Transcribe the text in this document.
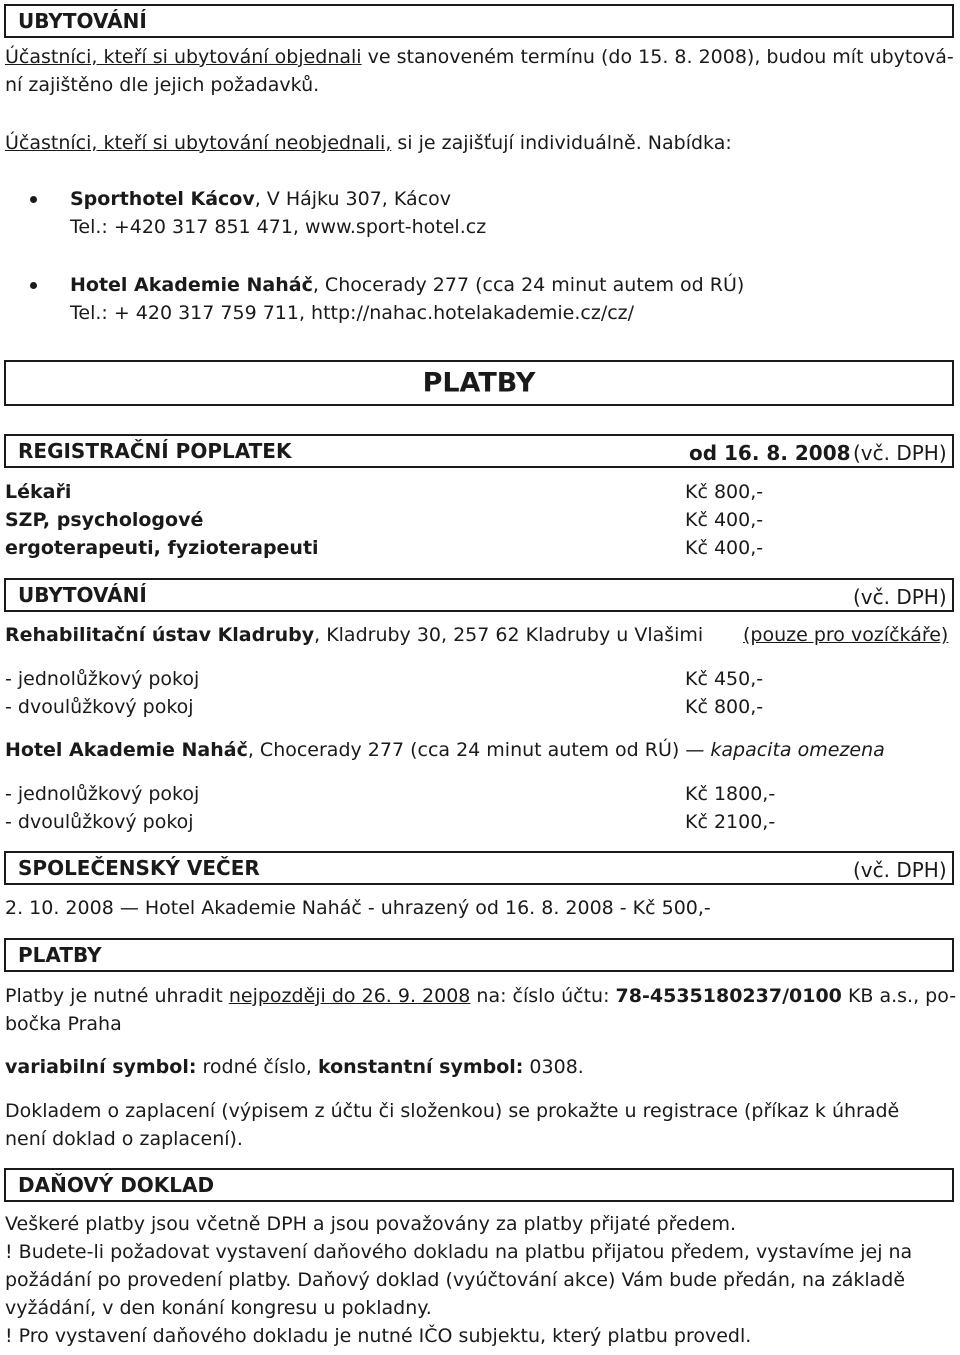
UBYTOVÁNÍ
Účastníci, kteří si ubytování objednali ve stanoveném termínu (do 15. 8. 2008), budou mít ubytová-
ní zajištěno dle jejich požadavků.
Účastníci, kteří si ubytování neobjednali, si je zajišťují individuálně. Nabídka:
Sporthotel Kácov, V Hájku 307, Kácov
Tel.: +420 317 851 471, www.sport-hotel.cz
Hotel Akademie Naháč, Chocerady 277 (cca 24 minut autem od RÚ)
Tel.: + 420 317 759 711, http://nahac.hotelakademie.cz/cz/
PLATBY
REGISTRAČNÍ POPLATEK	od 16. 8. 2008 (vč. DPH)
Lékaři	Kč 800,-
SZP, psychologové	Kč 400,-
ergoterapeuti, fyzioterapeuti	Kč 400,-
UBYTOVÁNÍ	(vč. DPH)
Rehabilitační ústav Kladruby, Kladruby 30, 257 62 Kladruby u Vlašimi (pouze pro vozíčkáře)
- jednolůžkový pokoj	Kč 450,-
- dvoulůžkový pokoj	Kč 800,-
Hotel Akademie Naháč, Chocerady 277 (cca 24 minut autem od RÚ) — kapacita omezena
- jednolůžkový pokoj	Kč 1800,-
- dvoulůžkový pokoj	Kč 2100,-
SPOLEČENSKÝ VEČER	(vč. DPH)
2. 10. 2008 — Hotel Akademie Naháč - uhrazený od 16. 8. 2008 - Kč 500,-
PLATBY
Platby je nutné uhradit nejpozději do 26. 9. 2008 na: číslo účtu: 78-4535180237/0100 KB a.s., po-
bočka Praha
variabilní symbol: rodné číslo, konstantní symbol: 0308.
Dokladem o zaplacení (výpisem z účtu či složenkou) se prokažte u registrace (příkaz k úhradě
není doklad o zaplacení).
DAŇOVÝ DOKLAD
Veškeré platby jsou včetně DPH a jsou považovány za platby přijaté předem.
! Budete-li požadovat vystavení daňového dokladu na platbu přijatou předem, vystavíme jej na
požádání po provedení platby. Daňový doklad (vyúčtování akce) Vám bude předán, na základě
vyžádání, v den konání kongresu u pokladny.
! Pro vystavení daňového dokladu je nutné IČO subjektu, který platbu provedl.
